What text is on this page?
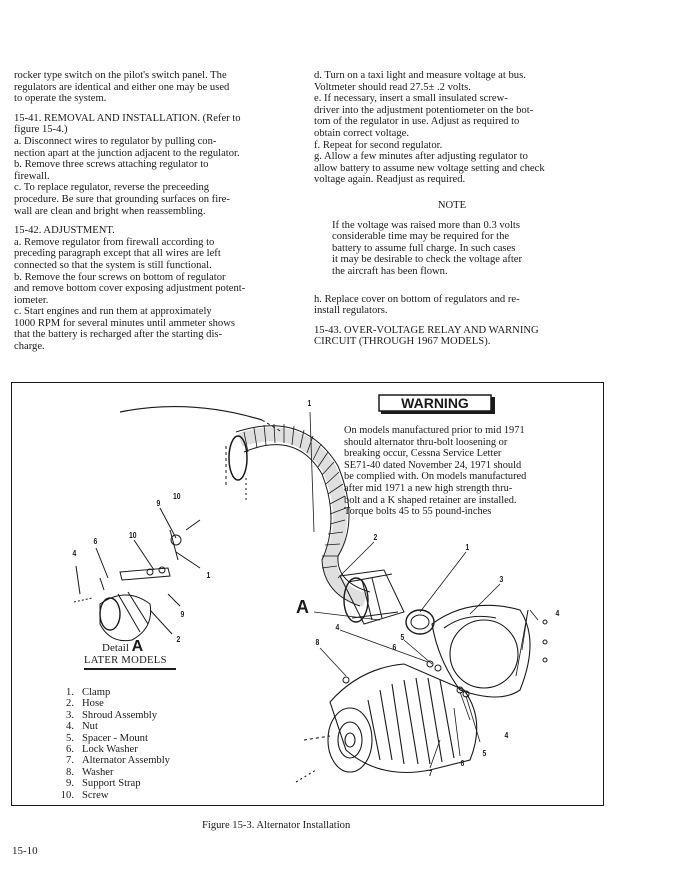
rocker type switch on the pilot's switch panel. The
regulators are identical and either one may be used
to operate the system.
15-41. REMOVAL AND INSTALLATION. (Refer to
figure 15-4.)
a. Disconnect wires to regulator by pulling con-
nection apart at the junction adjacent to the regulator.
b. Remove three screws attaching regulator to
firewall.
c. To replace regulator, reverse the preceeding
procedure. Be sure that grounding surfaces on fire-
wall are clean and bright when reassembling.
15-42. ADJUSTMENT.
a. Remove regulator from firewall according to
preceding paragraph except that all wires are left
connected so that the system is still functional.
b. Remove the four screws on bottom of regulator
and remove bottom cover exposing adjustment potent-
iometer.
c. Start engines and run them at approximately
1000 RPM for several minutes until ammeter shows
that the battery is recharged after the starting dis-
charge.
d. Turn on a taxi light and measure voltage at bus.
Voltmeter should read 27.5± .2 volts.
e. If necessary, insert a small insulated screw-
driver into the adjustment potentiometer on the bot-
tom of the regulator in use. Adjust as required to
obtain correct voltage.
f. Repeat for second regulator.
g. Allow a few minutes after adjusting regulator to
allow battery to assume new voltage setting and check
voltage again. Readjust as required.
NOTE
If the voltage was raised more than 0.3 volts
considerable time may be required for the
battery to assume full charge. In such cases
it may be desirable to check the voltage after
the aircraft has been flown.
h. Replace cover on bottom of regulators and re-
install regulators.
15-43. OVER-VOLTAGE RELAY AND WARNING
CIRCUIT (THROUGH 1967 MODELS).
WARNING
On models manufactured prior to mid 1971
should alternator thru-bolt loosening or
breaking occur, Cessna Service Letter
SE71-40 dated November 24, 1971 should
be complied with. On models manufactured
after mid 1971 a new high strength thru-
bolt and a K shaped retainer are installed.
Torque bolts 45 to 55 pound-inches
1
10
9
10
6
4
1
9
2
2
1
3
4
4
8	5
6
4
5
6
7
A
Detail A
LATER MODELS
1. Clamp
2. Hose
3. Shroud Assembly
4. Nut
5. Spacer - Mount
6. Lock Washer
7. Alternator Assembly
8. Washer
9. Support Strap
10. Screw
Figure 15-3. Alternator Installation
15-10
